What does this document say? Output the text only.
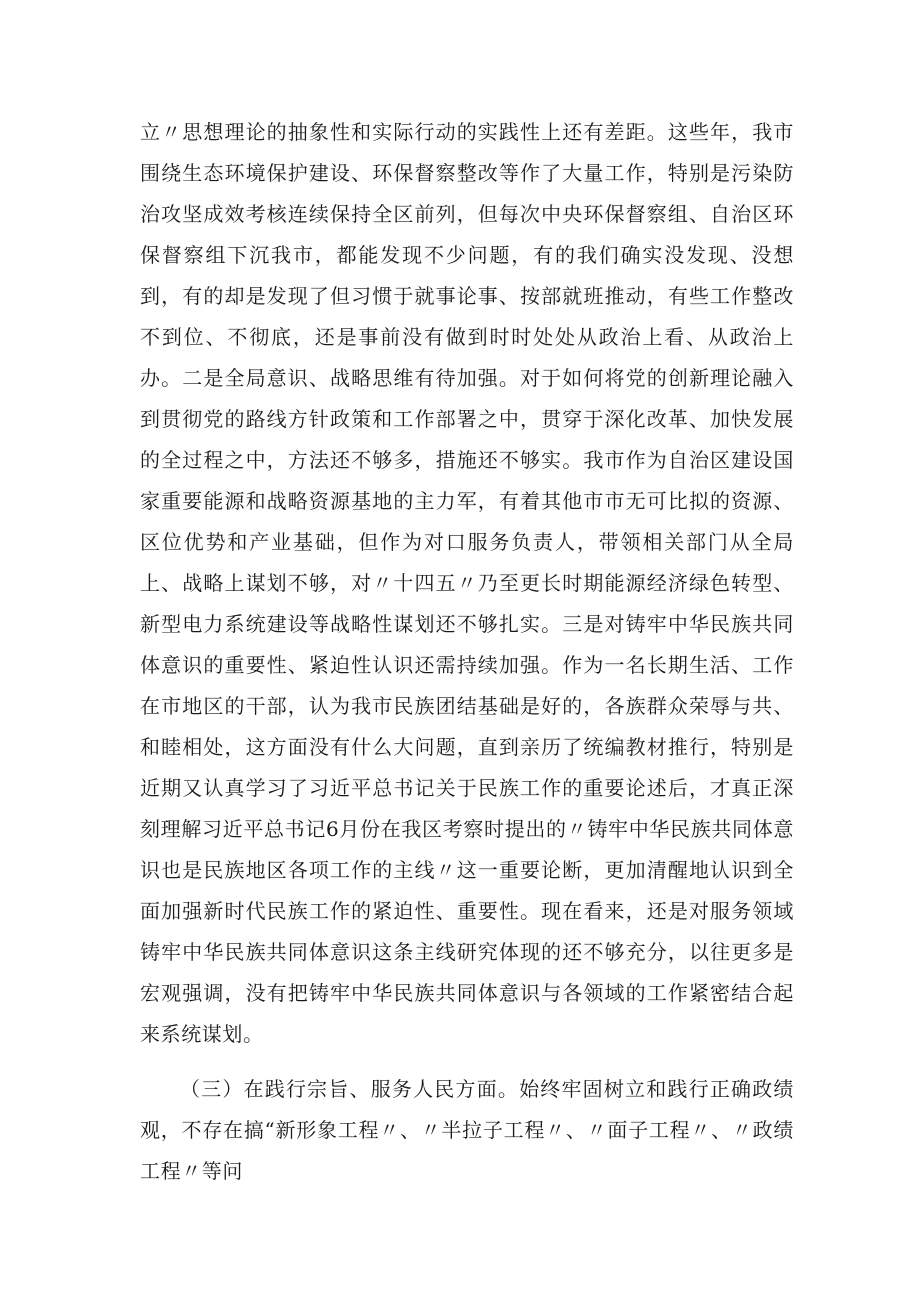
立〃思想理论的抽象性和实际行动的实践性上还有差距。这些年，我市围绕生态环境保护建设、环保督察整改等作了大量工作，特别是污染防治攻坚成效考核连续保持全区前列，但每次中央环保督察组、自治区环保督察组下沉我市，都能发现不少问题，有的我们确实没发现、没想到，有的却是发现了但习惯于就事论事、按部就班推动，有些工作整改不到位、不彻底，还是事前没有做到时时处处从政治上看、从政治上办。二是全局意识、战略思维有待加强。对于如何将党的创新理论融入到贯彻党的路线方针政策和工作部署之中，贯穿于深化改革、加快发展的全过程之中，方法还不够多，措施还不够实。我市作为自治区建设国家重要能源和战略资源基地的主力军，有着其他市市无可比拟的资源、区位优势和产业基础，但作为对口服务负责人，带领相关部门从全局上、战略上谋划不够，对〃十四五〃乃至更长时期能源经济绿色转型、新型电力系统建设等战略性谋划还不够扎实。三是对铸牢中华民族共同体意识的重要性、紧迫性认识还需持续加强。作为一名长期生活、工作在市地区的干部，认为我市民族团结基础是好的，各族群众荣辱与共、和睦相处，这方面没有什么大问题，直到亲历了统编教材推行，特别是近期又认真学习了习近平总书记关于民族工作的重要论述后，才真正深刻理解习近平总书记6月份在我区考察时提出的〃铸牢中华民族共同体意识也是民族地区各项工作的主线〃这一重要论断，更加清醒地认识到全面加强新时代民族工作的紧迫性、重要性。现在看来，还是对服务领域铸牢中华民族共同体意识这条主线研究体现的还不够充分，以往更多是宏观强调，没有把铸牢中华民族共同体意识与各领域的工作紧密结合起来系统谋划。

（三）在践行宗旨、服务人民方面。始终牢固树立和践行正确政绩观，不存在搞“新形象工程〃、〃半拉子工程〃、〃面子工程〃、〃政绩工程〃等问
